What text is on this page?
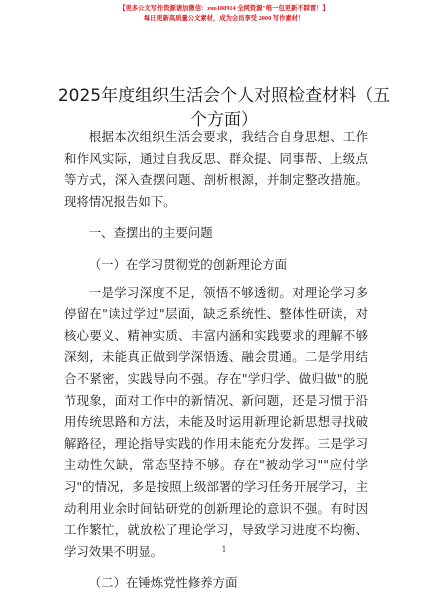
【更多公文写作资源请加微信：zuo180914 全网资源"唯一包更新不踩雷！】
每日更新高质量公文素材，成为会员享受 2000 写作素材！
2025年度组织生活会个人对照检查材料（五个方面）

根据本次组织生活会要求，我结合自身思想、工作和作风实际，通过自我反思、群众提、同事帮、上级点等方式，深入查摆问题、剖析根源，并制定整改措施。现将情况报告如下。

一、查摆出的主要问题

（一）在学习贯彻党的创新理论方面

一是学习深度不足，领悟不够透彻。对理论学习多停留在"读过学过"层面，缺乏系统性、整体性研读，对核心要义、精神实质、丰富内涵和实践要求的理解不够深刻，未能真正做到学深悟透、融会贯通。二是学用结合不紧密，实践导向不强。存在"学归学、做归做"的脱节现象，面对工作中的新情况、新问题，还是习惯于沿用传统思路和方法，未能及时运用新理论新思想寻找破解路径，理论指导实践的作用未能充分发挥。三是学习主动性欠缺，常态坚持不够。存在"被动学习""应付学习"的情况，多是按照上级部署的学习任务开展学习，主动利用业余时间钻研党的创新理论的意识不强。有时因工作繁忙，就放松了理论学习，导致学习进度不均衡、学习效果不明显。

（二）在锤炼党性修养方面

1
